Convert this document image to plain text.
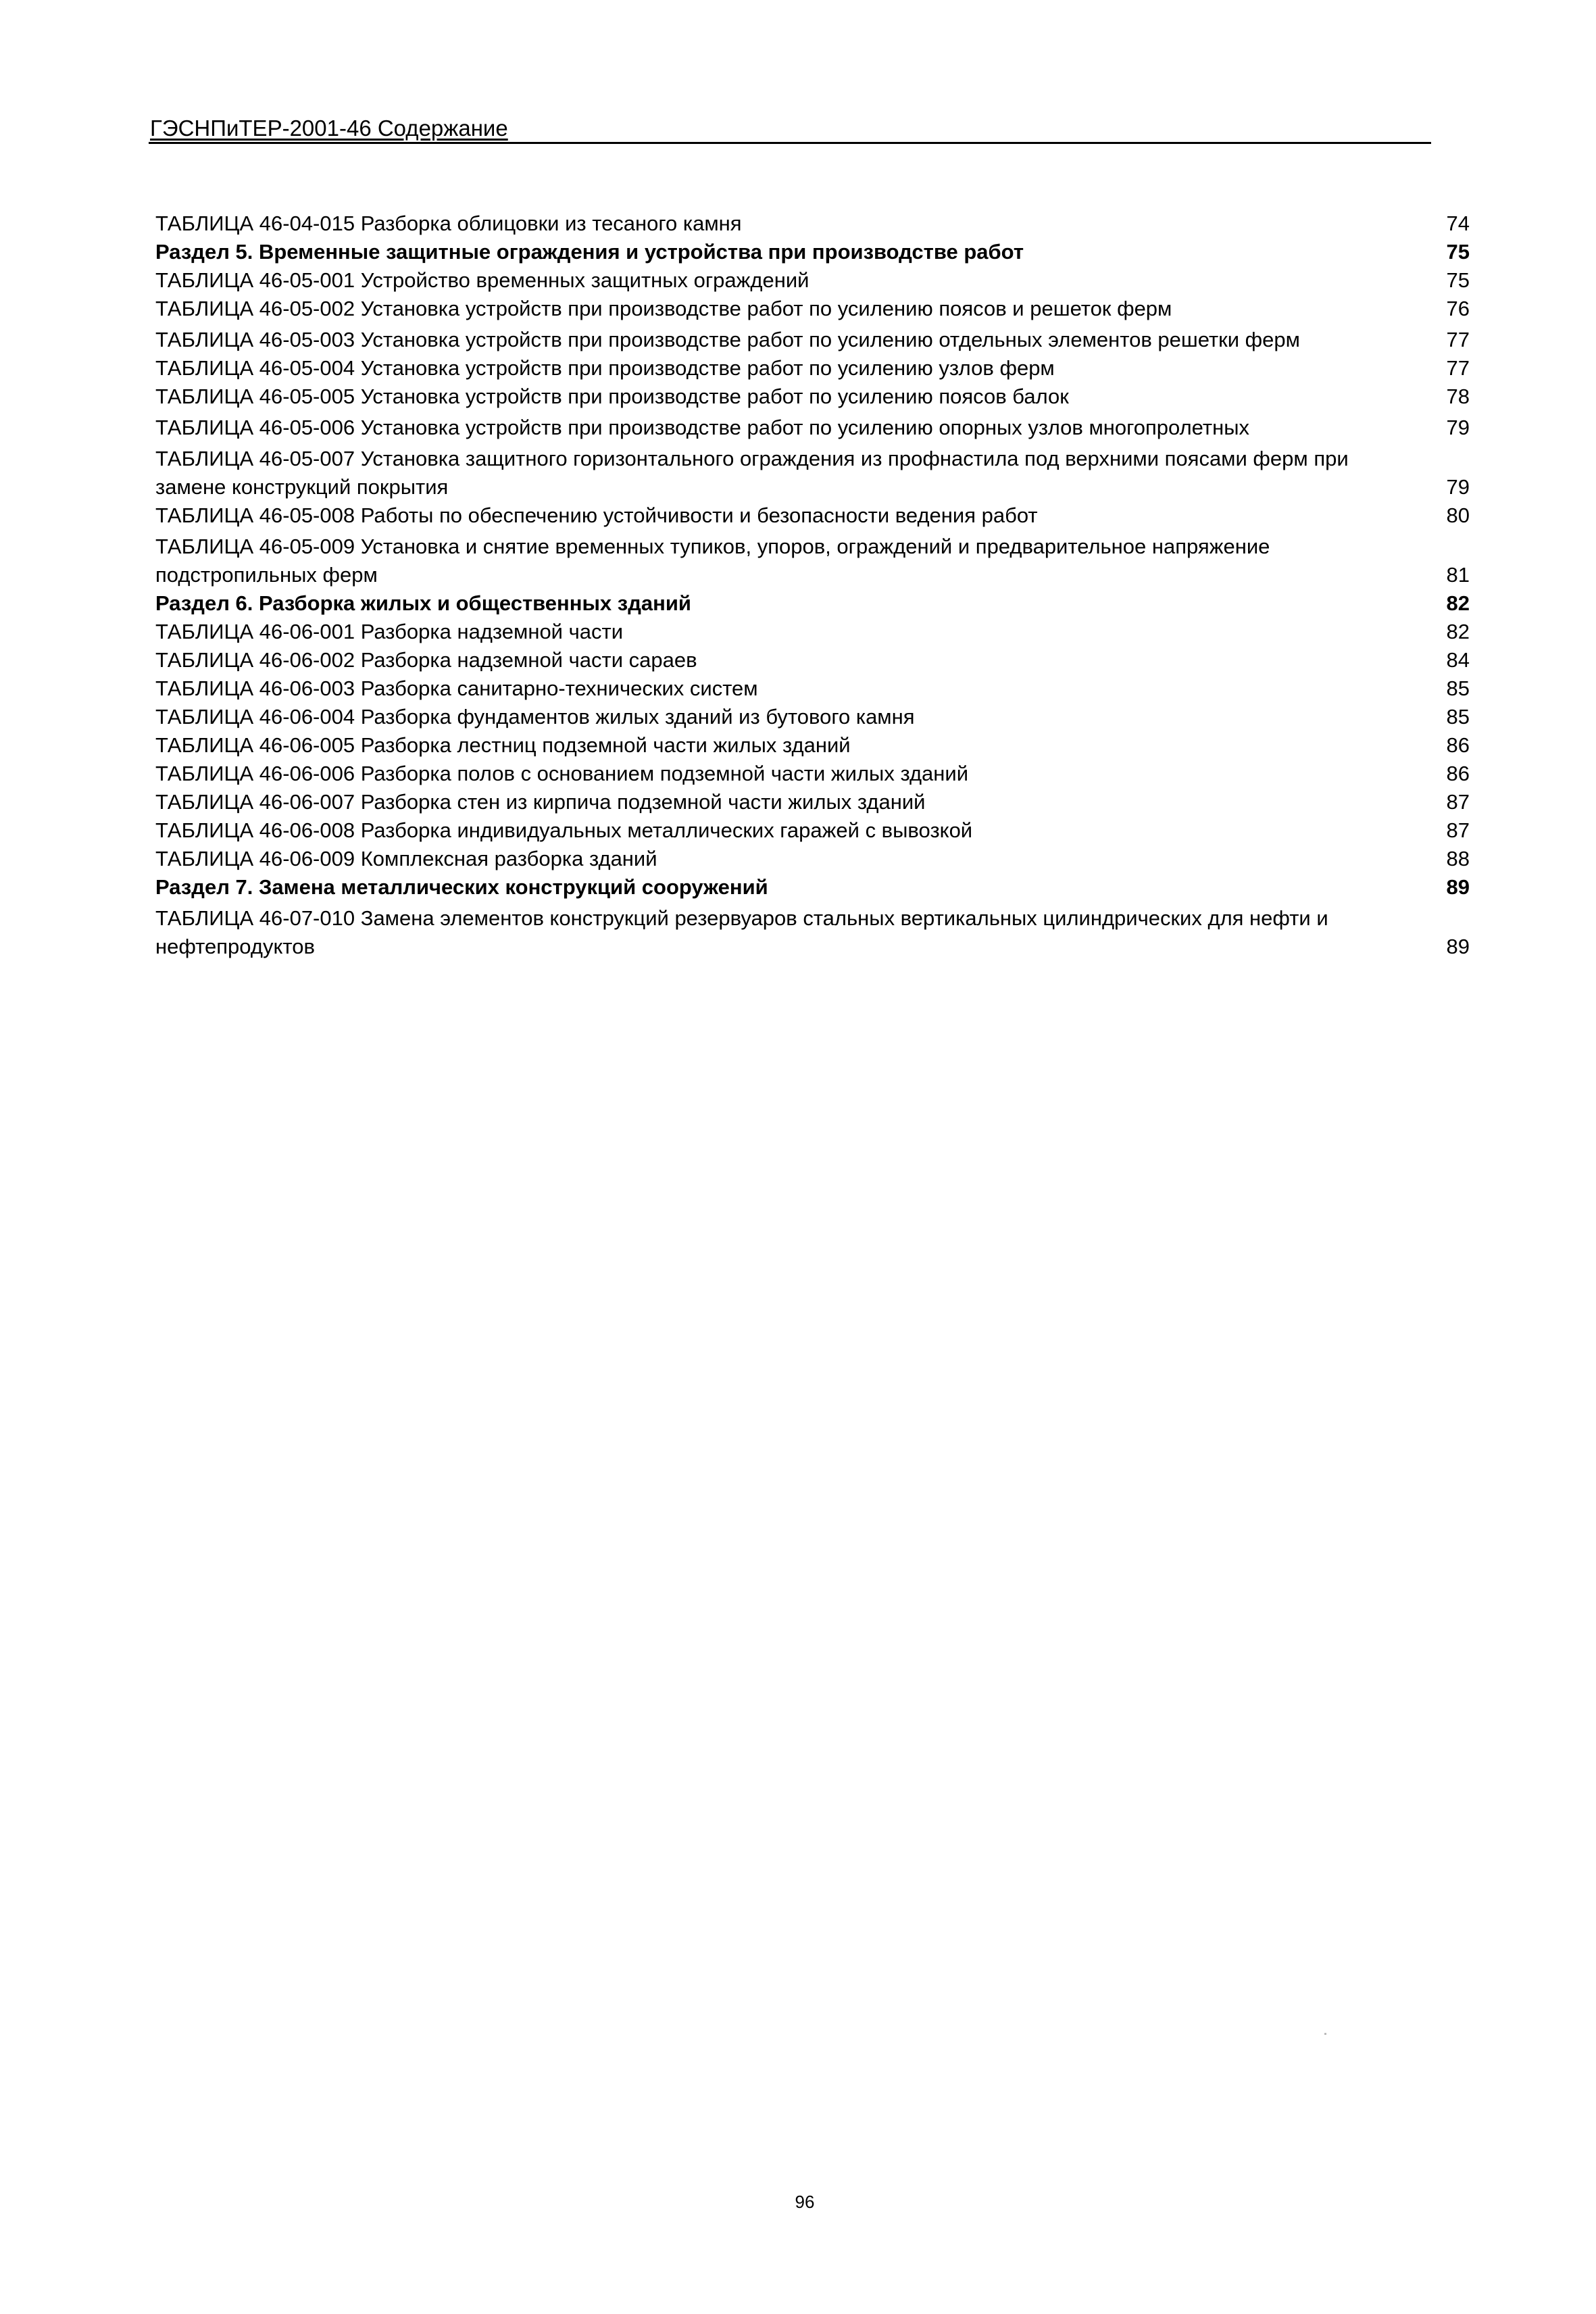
ГЭСНПиТЕР-2001-46 Содержание
ТАБЛИЦА 46-04-015 Разборка облицовки из тесаного камня	74
Раздел 5. Временные защитные ограждения и устройства при производстве работ	75
ТАБЛИЦА 46-05-001 Устройство временных защитных ограждений	75
ТАБЛИЦА 46-05-002 Установка устройств при производстве работ по усилению поясов и решеток ферм	76
ТАБЛИЦА 46-05-003 Установка устройств при производстве работ по усилению отдельных элементов решетки ферм	77
ТАБЛИЦА 46-05-004 Установка устройств при производстве работ по усилению узлов ферм	77
ТАБЛИЦА 46-05-005 Установка устройств при производстве работ по усилению поясов балок	78
ТАБЛИЦА 46-05-006 Установка устройств при производстве работ по усилению опорных узлов многопролетных	79
ТАБЛИЦА 46-05-007 Установка защитного горизонтального ограждения из профнастила под верхними поясами ферм при замене конструкций покрытия	79
ТАБЛИЦА 46-05-008 Работы по обеспечению устойчивости и безопасности ведения работ	80
ТАБЛИЦА 46-05-009 Установка и снятие временных тупиков, упоров, ограждений и предварительное напряжение подстропильных ферм	81
Раздел 6. Разборка жилых и общественных зданий	82
ТАБЛИЦА 46-06-001 Разборка надземной части	82
ТАБЛИЦА 46-06-002 Разборка надземной части сараев	84
ТАБЛИЦА 46-06-003 Разборка санитарно-технических систем	85
ТАБЛИЦА 46-06-004 Разборка фундаментов жилых зданий из бутового камня	85
ТАБЛИЦА 46-06-005 Разборка лестниц подземной части жилых зданий	86
ТАБЛИЦА 46-06-006 Разборка полов с основанием подземной части жилых зданий	86
ТАБЛИЦА 46-06-007 Разборка стен из кирпича подземной части жилых зданий	87
ТАБЛИЦА 46-06-008 Разборка индивидуальных металлических гаражей с вывозкой	87
ТАБЛИЦА 46-06-009 Комплексная разборка зданий	88
Раздел 7. Замена металлических конструкций сооружений	89
ТАБЛИЦА 46-07-010 Замена элементов конструкций резервуаров стальных вертикальных цилиндрических для нефти и нефтепродуктов	89
96
